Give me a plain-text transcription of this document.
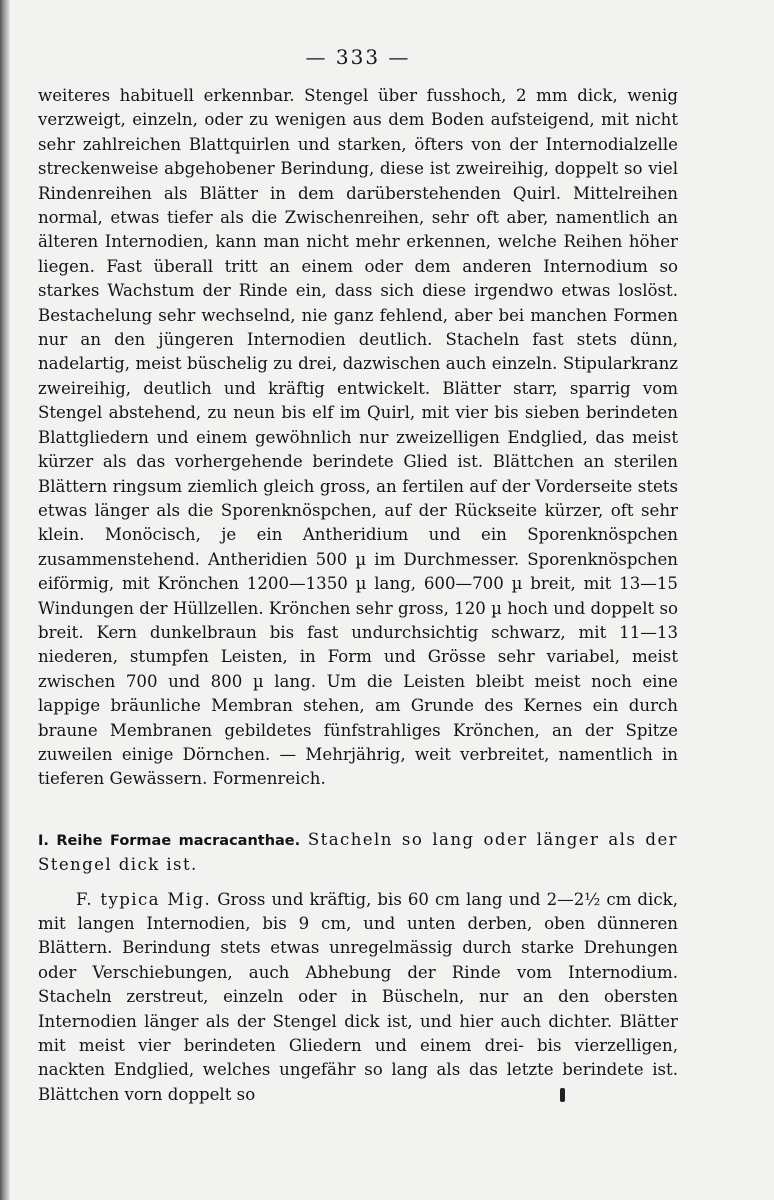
— 333 —

weiteres habituell erkennbar. Stengel über fusshoch, 2 mm dick, wenig verzweigt, einzeln, oder zu wenigen aus dem Boden aufsteigend, mit nicht sehr zahlreichen Blattquirlen und starken, öfters von der Internodialzelle streckenweise abgehobener Berindung, diese ist zweireihig, doppelt so viel Rindenreihen als Blätter in dem darüberstehenden Quirl. Mittelreihen normal, etwas tiefer als die Zwischenreihen, sehr oft aber, namentlich an älteren Internodien, kann man nicht mehr erkennen, welche Reihen höher liegen. Fast überall tritt an einem oder dem anderen Internodium so starkes Wachstum der Rinde ein, dass sich diese irgendwo etwas loslöst. Bestachelung sehr wechselnd, nie ganz fehlend, aber bei manchen Formen nur an den jüngeren Internodien deutlich. Stacheln fast stets dünn, nadelartig, meist büschelig zu drei, dazwischen auch einzeln. Stipularkranz zweireihig, deutlich und kräftig entwickelt. Blätter starr, sparrig vom Stengel abstehend, zu neun bis elf im Quirl, mit vier bis sieben berindeten Blattgliedern und einem gewöhnlich nur zweizelligen Endglied, das meist kürzer als das vorhergehende berindete Glied ist. Blättchen an sterilen Blättern ringsum ziemlich gleich gross, an fertilen auf der Vorderseite stets etwas länger als die Sporenknöspchen, auf der Rückseite kürzer, oft sehr klein. Monöcisch, je ein Antheridium und ein Sporenknöspchen zusammenstehend. Antheridien 500 µ im Durchmesser. Sporenknöspchen eiförmig, mit Krönchen 1200—1350 µ lang, 600—700 µ breit, mit 13—15 Windungen der Hüllzellen. Krönchen sehr gross, 120 µ hoch und doppelt so breit. Kern dunkelbraun bis fast undurchsichtig schwarz, mit 11—13 niederen, stumpfen Leisten, in Form und Grösse sehr variabel, meist zwischen 700 und 800 µ lang. Um die Leisten bleibt meist noch eine lappige bräunliche Membran stehen, am Grunde des Kernes ein durch braune Membranen gebildetes fünfstrahliges Krönchen, an der Spitze zuweilen einige Dörnchen. — Mehrjährig, weit verbreitet, namentlich in tieferen Gewässern. Formenreich.

I. Reihe Formae macracanthae. Stacheln so lang oder länger als der Stengel dick ist.

F. typica Mig. Gross und kräftig, bis 60 cm lang und 2—2½ cm dick, mit langen Internodien, bis 9 cm, und unten derben, oben dünneren Blättern. Berindung stets etwas unregelmässig durch starke Drehungen oder Verschiebungen, auch Abhebung der Rinde vom Internodium. Stacheln zerstreut, einzeln oder in Büscheln, nur an den obersten Internodien länger als der Stengel dick ist, und hier auch dichter. Blätter mit meist vier berindeten Gliedern und einem drei- bis vierzelligen, nackten Endglied, welches ungefähr so lang als das letzte berindete ist. Blättchen vorn doppelt so
